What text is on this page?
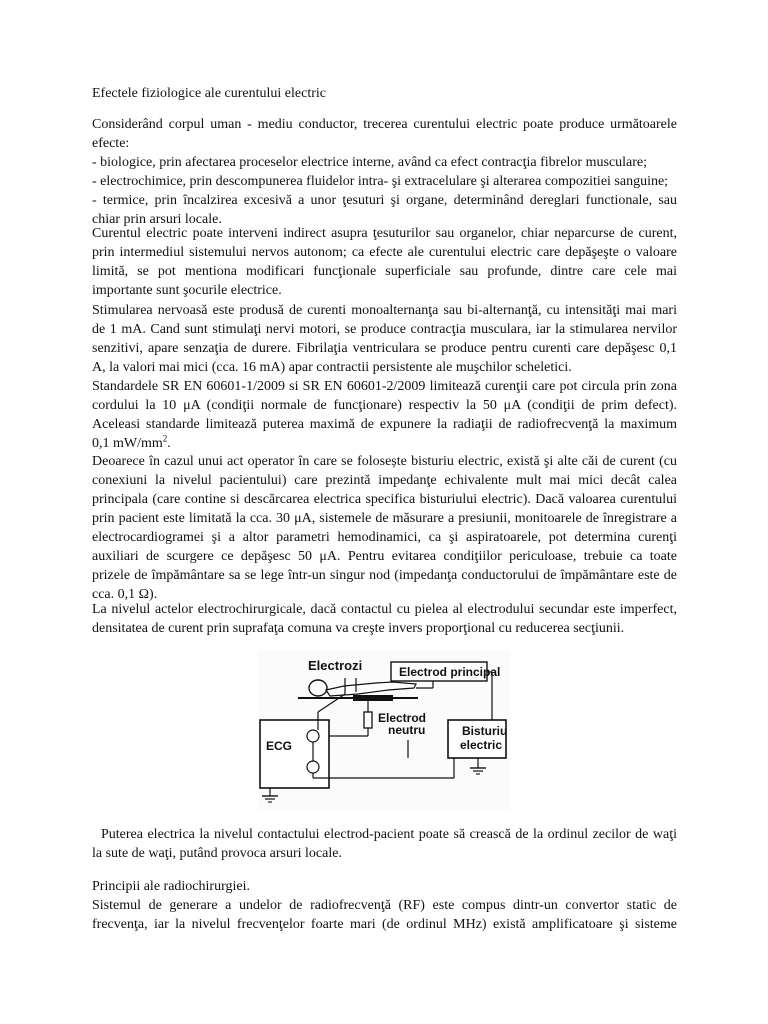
Efectele fiziologice ale curentului electric
Considerând corpul uman - mediu conductor, trecerea curentului electric poate produce următoarele
efecte:
- biologice, prin afectarea proceselor electrice interne, având ca efect contracţia fibrelor musculare;
- electrochimice, prin descompunerea fluidelor intra- şi extracelulare şi alterarea compozitiei sanguine;
- termice, prin încalzirea excesivă a unor ţesuturi şi organe, determinând dereglari functionale, sau
chiar prin arsuri locale.
Curentul electric poate interveni indirect asupra ţesuturilor sau organelor, chiar neparcurse de curent,
prin intermediul sistemului nervos autonom; ca efecte ale curentului electric care depăşeşte o valoare
limită, se pot mentiona modificari funcţionale superficiale sau profunde, dintre care cele mai
importante sunt şocurile electrice.
Stimularea nervoasă este produsă de curenti monoalternanţa sau bi-alternanţă, cu intensităţi mai mari
de 1 mA. Cand sunt stimulaţi nervi motori, se produce contracţia musculara, iar la stimularea nervilor
senzitivi, apare senzaţia de durere. Fibrilaţia ventriculara se produce pentru curenti care depăşesc 0,1
A, la valori mai mici (cca. 16 mA) apar contractii persistente ale muşchilor scheletici.
Standardele SR EN 60601-1/2009 si SR EN 60601-2/2009 limitează curenţii care pot circula prin zona
cordului la 10 μA (condiţii normale de funcţionare) respectiv la 50 μA (condiţii de prim defect).
Aceleasi standarde limitează puterea maximă de expunere la radiaţii de radiofrecvenţă la maximum
0,1 $mW/mm^2$.
Deoarece în cazul unui act operator în care se folosește bisturiu electric, există şi alte căi de curent (cu
conexiuni la nivelul pacientului) care prezintă impedanţe echivalente mult mai mici decât calea
principala (care contine si descărcarea electrica specifica bisturiului electric). Dacă valoarea curentului
prin pacient este limitată la cca. 30 μA, sistemele de măsurare a presiunii, monitoarele de înregistrare a
electrocardiogramei şi a altor parametri hemodinamici, ca şi aspiratoarele, pot determina curenţi
auxiliari de scurgere ce depăşesc 50 μA. Pentru evitarea condiţiilor periculoase, trebuie ca toate
prizele de împământare sa se lege într-un singur nod (impedanţa conductorului de împământare este de
cca. 0,1 Ω).
La nivelul actelor electrochirurgicale, dacă contactul cu pielea al electrodului secundar este imperfect,
densitatea de curent prin suprafaţa comuna va creşte invers proporţional cu reducerea secţiunii.
Electrozi	Electrod principal
Electrod
neutru
ECG
Bisturiu
electric
Puterea electrica la nivelul contactului electrod-pacient poate să crească de la ordinul zecilor de waţi
la sute de waţi, putând provoca arsuri locale.
Principii ale radiochirurgiei.
Sistemul de generare a undelor de radiofrecvenţă (RF) este compus dintr-un convertor static de
frecvenţa, iar la nivelul frecvenţelor foarte mari (de ordinul MHz) există amplificatoare şi sisteme
